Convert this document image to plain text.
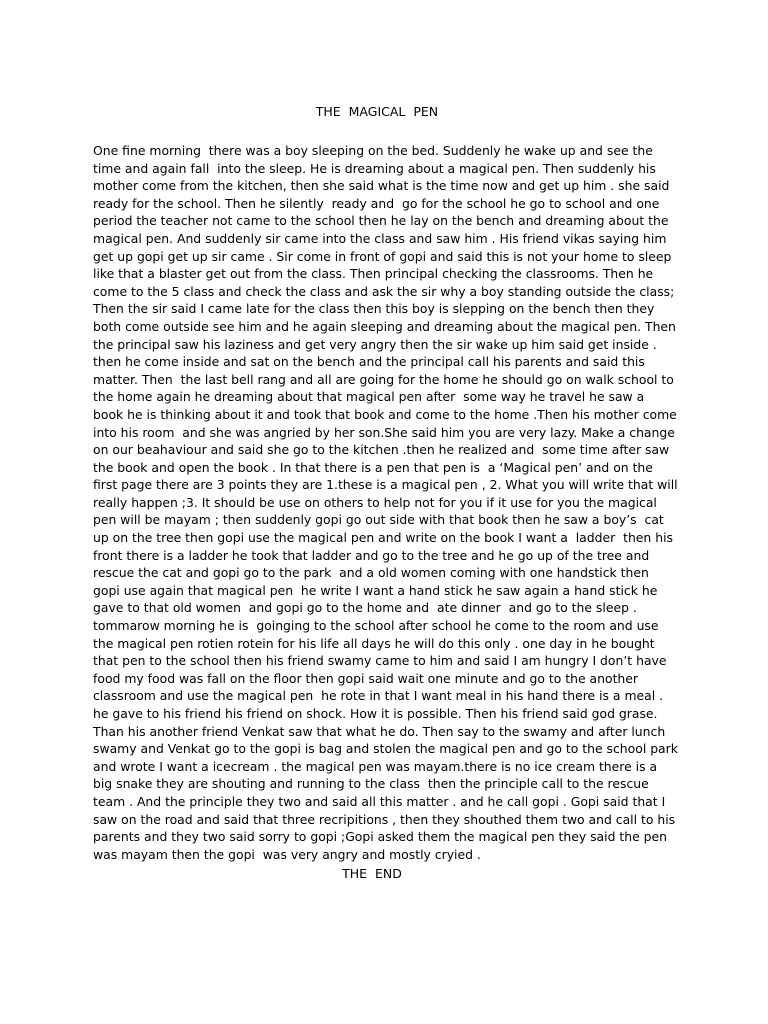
THE  MAGICAL  PEN

One fine morning  there was a boy sleeping on the bed. Suddenly he wake up and see the time and again fall  into the sleep. He is dreaming about a magical pen. Then suddenly his mother come from the kitchen, then she said what is the time now and get up him . she said ready for the school. Then he silently  ready and  go for the school he go to school and one period the teacher not came to the school then he lay on the bench and dreaming about the magical pen. And suddenly sir came into the class and saw him . His friend vikas saying him get up gopi get up sir came . Sir come in front of gopi and said this is not your home to sleep like that a blaster get out from the class. Then principal checking the classrooms. Then he come to the 5 class and check the class and ask the sir why a boy standing outside the class; Then the sir said I came late for the class then this boy is slepping on the bench then they both come outside see him and he again sleeping and dreaming about the magical pen. Then the principal saw his laziness and get very angry then the sir wake up him said get inside . then he come inside and sat on the bench and the principal call his parents and said this matter. Then  the last bell rang and all are going for the home he should go on walk school to the home again he dreaming about that magical pen after  some way he travel he saw a book he is thinking about it and took that book and come to the home .Then his mother come into his room  and she was angried by her son.She said him you are very lazy. Make a change on our beahaviour and said she go to the kitchen .then he realized and  some time after saw the book and open the book . In that there is a pen that pen is  a ‘Magical pen’ and on the first page there are 3 points they are 1.these is a magical pen , 2. What you will write that will really happen ;3. It should be use on others to help not for you if it use for you the magical pen will be mayam ; then suddenly gopi go out side with that book then he saw a boy’s  cat up on the tree then gopi use the magical pen and write on the book I want a  ladder  then his front there is a ladder he took that ladder and go to the tree and he go up of the tree and rescue the cat and gopi go to the park  and a old women coming with one handstick then gopi use again that magical pen  he write I want a hand stick he saw again a hand stick he gave to that old women  and gopi go to the home and  ate dinner  and go to the sleep . tommarow morning he is  goinging to the school after school he come to the room and use the magical pen rotien rotein for his life all days he will do this only . one day in he bought that pen to the school then his friend swamy came to him and said I am hungry I don’t have food my food was fall on the floor then gopi said wait one minute and go to the another classroom and use the magical pen  he rote in that I want meal in his hand there is a meal . he gave to his friend his friend on shock. How it is possible. Then his friend said god grase. Than his another friend Venkat saw that what he do. Then say to the swamy and after lunch swamy and Venkat go to the gopi is bag and stolen the magical pen and go to the school park and wrote I want a icecream . the magical pen was mayam.there is no ice cream there is a big snake they are shouting and running to the class  then the principle call to the rescue team . And the principle they two and said all this matter . and he call gopi . Gopi said that I saw on the road and said that three recripitions , then they shouthed them two and call to his parents and they two said sorry to gopi ;Gopi asked them the magical pen they said the pen was mayam then the gopi  was very angry and mostly cryied .

THE  END
